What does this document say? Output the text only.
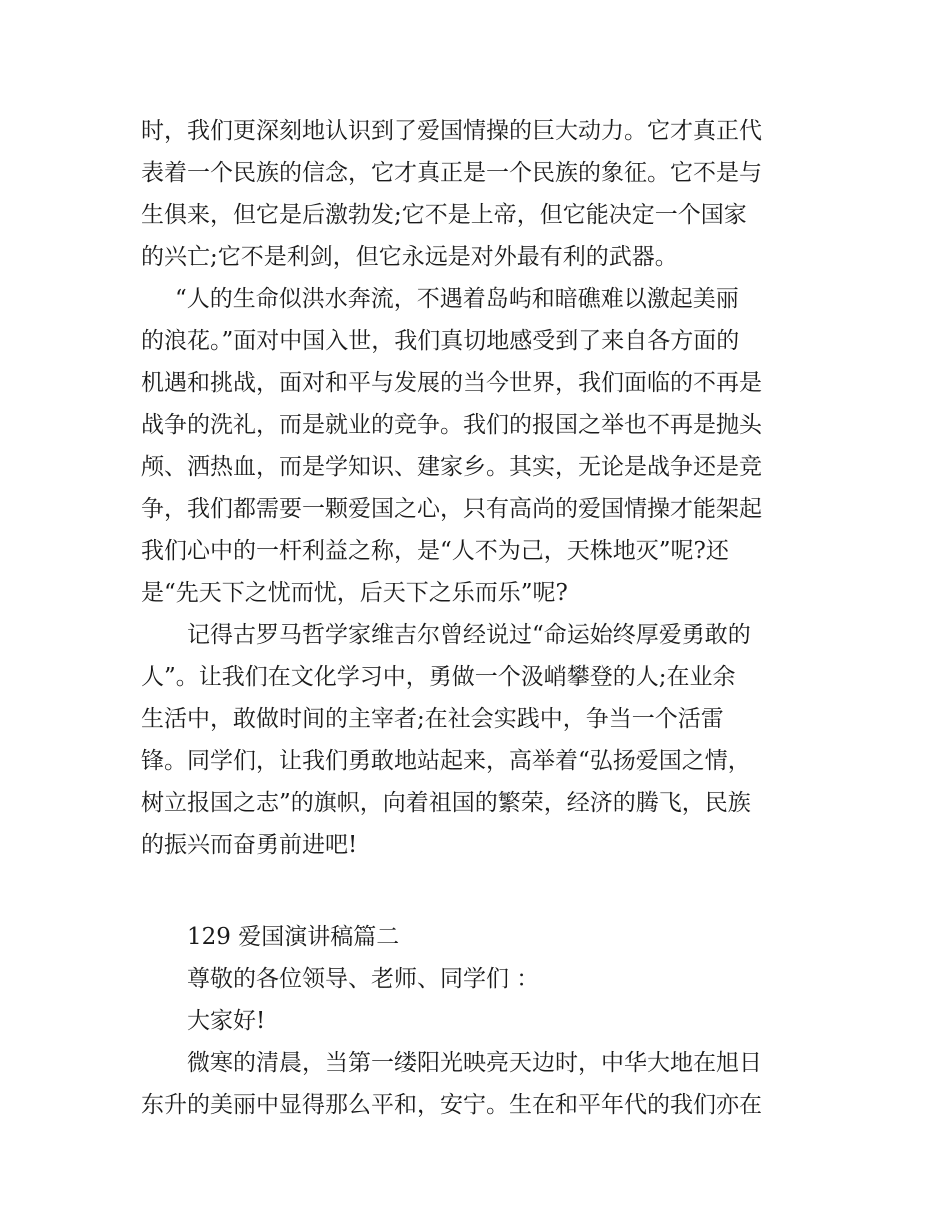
时，我们更深刻地认识到了爱国情操的巨大动力。它才真正代
表着一个民族的信念，它才真正是一个民族的象征。它不是与
生俱来，但它是后激勃发;它不是上帝，但它能决定一个国家
的兴亡;它不是利剑，但它永远是对外最有利的武器。

“人的生命似洪水奔流，不遇着岛屿和暗礁难以激起美丽
的浪花。”面对中国入世，我们真切地感受到了来自各方面的
机遇和挑战，面对和平与发展的当今世界，我们面临的不再是
战争的洗礼，而是就业的竞争。我们的报国之举也不再是抛头
颅、洒热血，而是学知识、建家乡。其实，无论是战争还是竞
争，我们都需要一颗爱国之心，只有高尚的爱国情操才能架起
我们心中的一杆利益之称，是“人不为己，天株地灭”呢?还
是“先天下之忧而忧，后天下之乐而乐”呢?

记得古罗马哲学家维吉尔曾经说过“命运始终厚爱勇敢的
人”。让我们在文化学习中，勇做一个汲峭攀登的人;在业余
生活中，敢做时间的主宰者;在社会实践中，争当一个活雷
锋。同学们，让我们勇敢地站起来，高举着“弘扬爱国之情，
树立报国之志”的旗帜，向着祖国的繁荣，经济的腾飞，民族
的振兴而奋勇前进吧!

129 爱国演讲稿篇二
尊敬的各位领导、老师、同学们 ：
大家好!

微寒的清晨，当第一缕阳光映亮天边时，中华大地在旭日
东升的美丽中显得那么平和，安宁。生在和平年代的我们亦在
